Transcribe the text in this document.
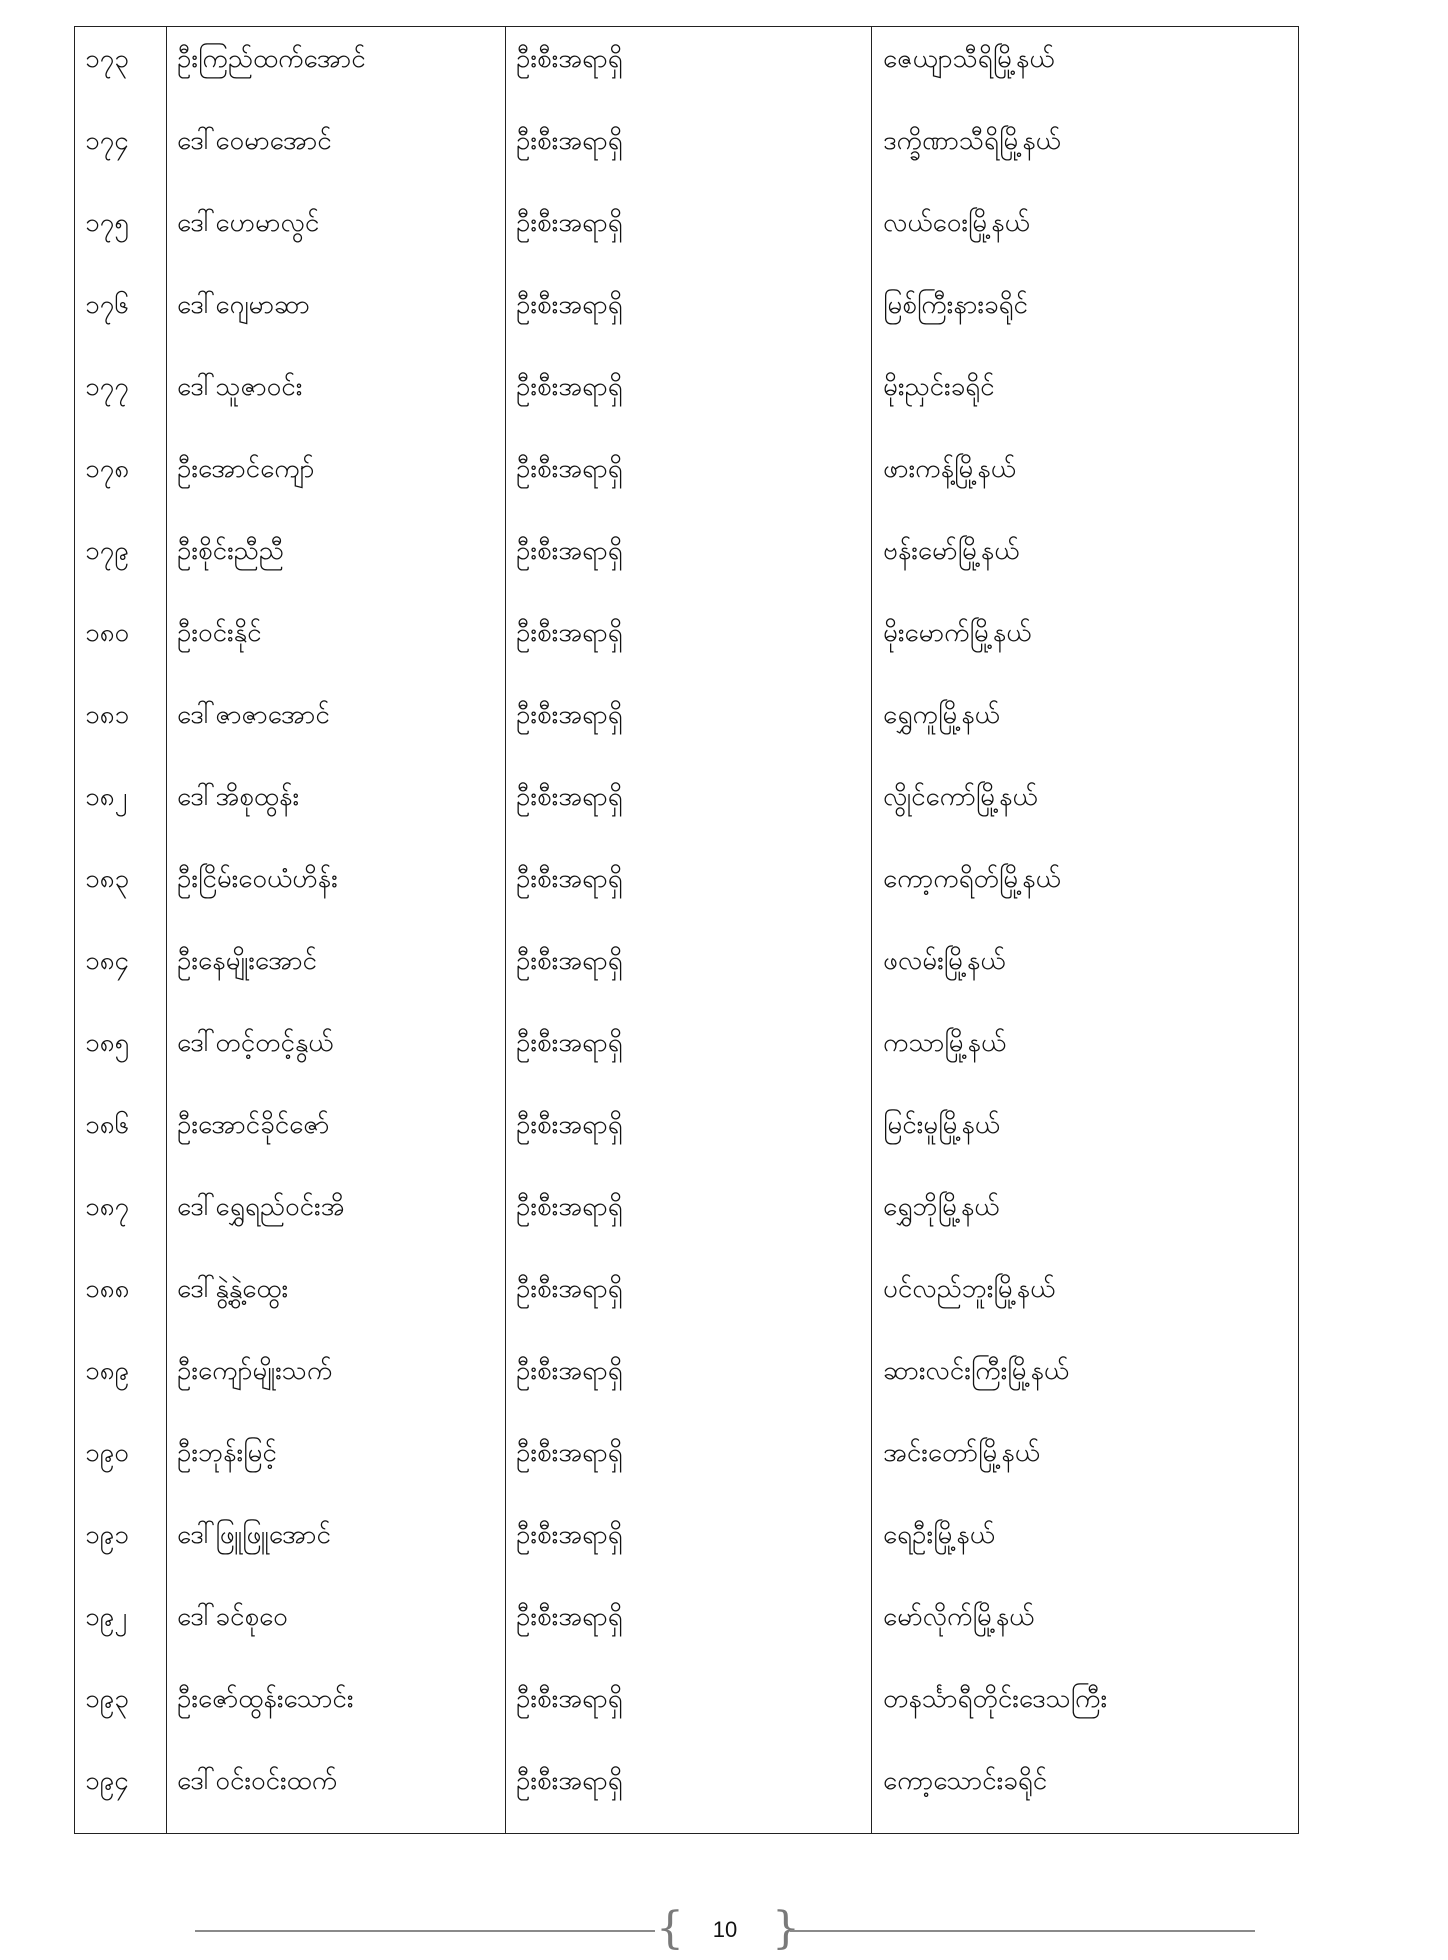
၁၇၃	ဦးကြည်ထက်အောင်	ဦးစီးအရာရှိ	ဇေယျာသီရိမြို့နယ်
၁၇၄	ဒေါ်ဝေမာအောင်	ဦးစီးအရာရှိ	ဒက္ခိဏာသီရိမြို့နယ်
၁၇၅	ဒေါ်ဟေမာလွင်	ဦးစီးအရာရှိ	လယ်ဝေးမြို့နယ်
၁၇၆	ဒေါ်ဂျေမာဆာ	ဦးစီးအရာရှိ	မြစ်ကြီးနားခရိုင်
၁၇၇	ဒေါ်သူဇာဝင်း	ဦးစီးအရာရှိ	မိုးညှင်းခရိုင်
၁၇၈	ဦးအောင်ကျော်	ဦးစီးအရာရှိ	ဖားကန့်မြို့နယ်
၁၇၉	ဦးစိုင်းညီညီ	ဦးစီးအရာရှိ	ဗန်းမော်မြို့နယ်
၁၈၀	ဦးဝင်းနိုင်	ဦးစီးအရာရှိ	မိုးမောက်မြို့နယ်
၁၈၁	ဒေါ်ဇာဇာအောင်	ဦးစီးအရာရှိ	ရွှေကူမြို့နယ်
၁၈၂	ဒေါ်အိစုထွန်း	ဦးစီးအရာရှိ	လွိုင်ကော်မြို့နယ်
၁၈၃	ဦးငြိမ်းဝေယံဟိန်း	ဦးစီးအရာရှိ	ကော့ကရိတ်မြို့နယ်
၁၈၄	ဦးနေမျိုးအောင်	ဦးစီးအရာရှိ	ဖလမ်းမြို့နယ်
၁၈၅	ဒေါ်တင့်တင့်နွယ်	ဦးစီးအရာရှိ	ကသာမြို့နယ်
၁၈၆	ဦးအောင်ခိုင်ဇော်	ဦးစီးအရာရှိ	မြင်းမူမြို့နယ်
၁၈၇	ဒေါ်ရွှေရည်ဝင်းအိ	ဦးစီးအရာရှိ	ရွှေဘိုမြို့နယ်
၁၈၈	ဒေါ်နွဲ့နွဲ့ထွေး	ဦးစီးအရာရှိ	ပင်လည်ဘူးမြို့နယ်
၁၈၉	ဦးကျော်မျိုးသက်	ဦးစီးအရာရှိ	ဆားလင်းကြီးမြို့နယ်
၁၉၀	ဦးဘုန်းမြင့်	ဦးစီးအရာရှိ	အင်းတော်မြို့နယ်
၁၉၁	ဒေါ်ဖြူဖြူအောင်	ဦးစီးအရာရှိ	ရေဦးမြို့နယ်
၁၉၂	ဒေါ်ခင်စုဝေ	ဦးစီးအရာရှိ	မော်လိုက်မြို့နယ်
၁၉၃	ဦးဇော်ထွန်းသောင်း	ဦးစီးအရာရှိ	တနင်္သာရီတိုင်းဒေသကြီး
၁၉၄	ဒေါ်ဝင်းဝင်းထက်	ဦးစီးအရာရှိ	ကော့သောင်းခရိုင်
{	10 }
